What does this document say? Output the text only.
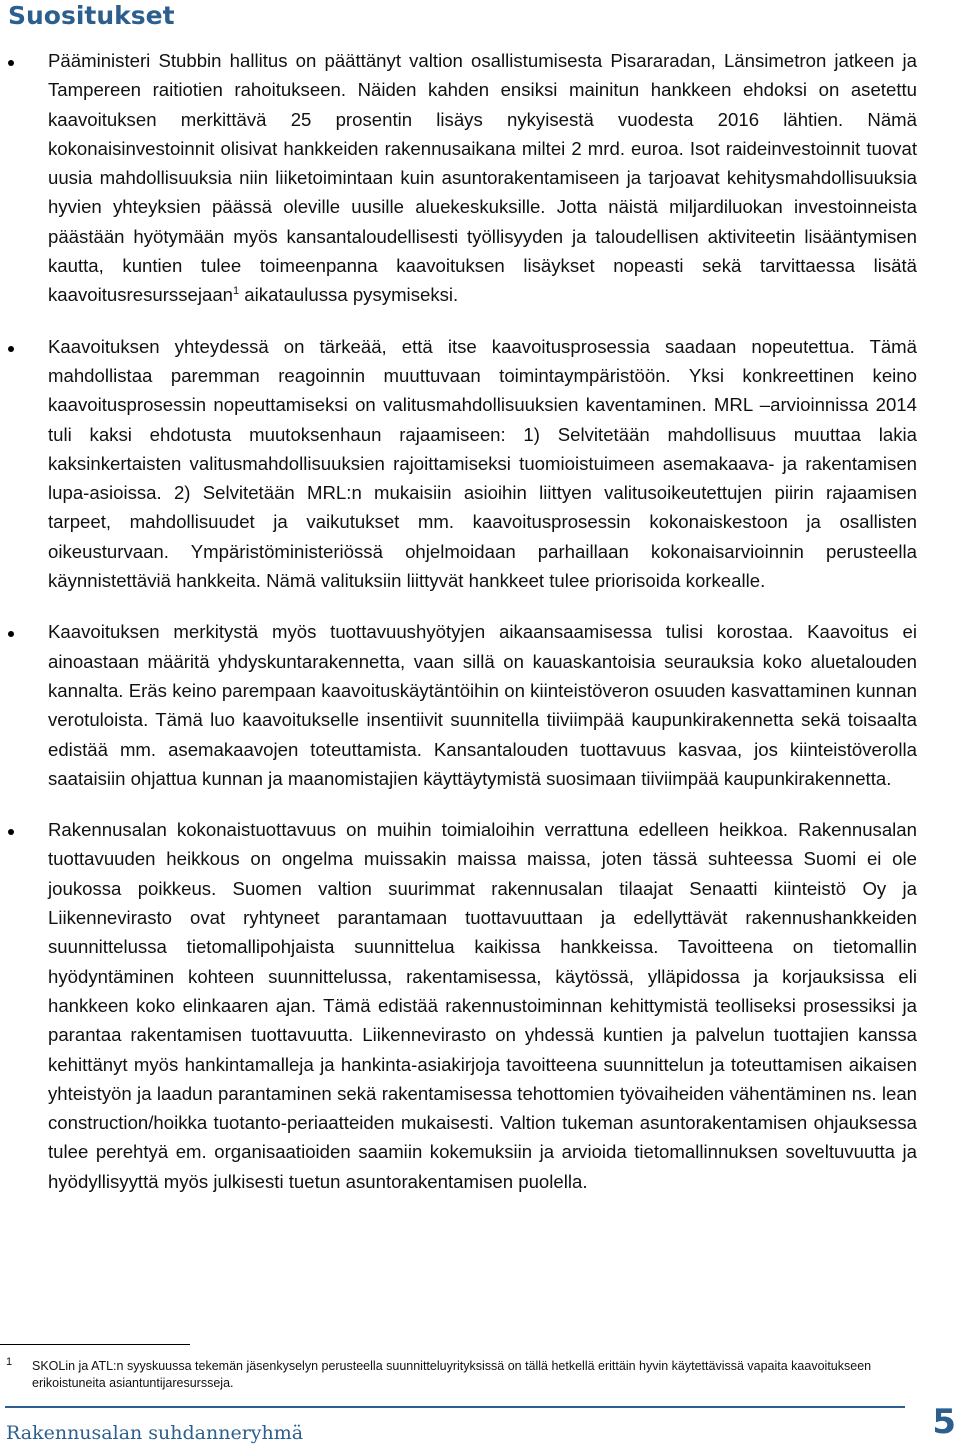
Suositukset

Pääministeri Stubbin hallitus on päättänyt valtion osallistumisesta Pisararadan, Länsimetron jatkeen ja Tampereen raitiotien rahoitukseen. Näiden kahden ensiksi mainitun hankkeen ehdoksi on asetettu kaavoituksen merkittävä 25 prosentin lisäys nykyisestä vuodesta 2016 lähtien. Nämä kokonaisinvestoinnit olisivat hankkeiden rakennusaikana miltei 2 mrd. euroa. Isot raideinvestoinnit tuovat uusia mahdollisuuksia niin liiketoimintaan kuin asuntorakentamiseen ja tarjoavat kehitysmahdollisuuksia hyvien yhteyksien päässä oleville uusille aluekeskuksille. Jotta näistä miljardiluokan investoinneista päästään hyötymään myös kansantaloudellisesti työllisyyden ja taloudellisen aktiviteetin lisääntymisen kautta, kuntien tulee toimeenpanna kaavoituksen lisäykset nopeasti sekä tarvittaessa lisätä kaavoitusresurssejaan$^1$ aikataulussa pysymiseksi.

Kaavoituksen yhteydessä on tärkeää, että itse kaavoitusprosessia saadaan nopeutettua. Tämä mahdollistaa paremman reagoinnin muuttuvaan toimintaympäristöön. Yksi konkreettinen keino kaavoitusprosessin nopeuttamiseksi on valitusmahdollisuuksien kaventaminen. MRL –arvioinnissa 2014 tuli kaksi ehdotusta muutoksenhaun rajaamiseen: 1) Selvitetään mahdollisuus muuttaa lakia kaksinkertaisten valitusmahdollisuuksien rajoittamiseksi tuomioistuimeen asemakaava- ja rakentamisen lupa-asioissa. 2) Selvitetään MRL:n mukaisiin asioihin liittyen valitusoikeutettujen piirin rajaamisen tarpeet, mahdollisuudet ja vaikutukset mm. kaavoitusprosessin kokonaiskestoon ja osallisten oikeusturvaan. Ympäristöministeriössä ohjelmoidaan parhaillaan kokonaisarvioinnin perusteella käynnistettäviä hankkeita. Nämä valituksiin liittyvät hankkeet tulee priorisoida korkealle.

Kaavoituksen merkitystä myös tuottavuushyötyjen aikaansaamisessa tulisi korostaa. Kaavoitus ei ainoastaan määritä yhdyskuntarakennetta, vaan sillä on kauaskantoisia seurauksia koko aluetalouden kannalta. Eräs keino parempaan kaavoituskäytäntöihin on kiinteistöveron osuuden kasvattaminen kunnan verotuloista. Tämä luo kaavoitukselle insentiivit suunnitella tiiviimpää kaupunkirakennetta sekä toisaalta edistää mm. asemakaavojen toteuttamista. Kansantalouden tuottavuus kasvaa, jos kiinteistöverolla saataisiin ohjattua kunnan ja maanomistajien käyttäytymistä suosimaan tiiviimpää kaupunkirakennetta.

Rakennusalan kokonaistuottavuus on muihin toimialoihin verrattuna edelleen heikkoa. Rakennusalan tuottavuuden heikkous on ongelma muissakin maissa maissa, joten tässä suhteessa Suomi ei ole joukossa poikkeus. Suomen valtion suurimmat rakennusalan tilaajat Senaatti kiinteistö Oy ja Liikennevirasto ovat ryhtyneet parantamaan tuottavuuttaan ja edellyttävät rakennushankkeiden suunnittelussa tietomallipohjaista suunnittelua kaikissa hankkeissa. Tavoitteena on tietomallin hyödyntäminen kohteen suunnittelussa, rakentamisessa, käytössä, ylläpidossa ja korjauksissa eli hankkeen koko elinkaaren ajan. Tämä edistää rakennustoiminnan kehittymistä teolliseksi prosessiksi ja parantaa rakentamisen tuottavuutta. Liikennevirasto on yhdessä kuntien ja palvelun tuottajien kanssa kehittänyt myös hankintamalleja ja hankinta-asiakirjoja tavoitteena suunnittelun ja toteuttamisen aikaisen yhteistyön ja laadun parantaminen sekä rakentamisessa tehottomien työvaiheiden vähentäminen ns. lean construction/hoikka tuotanto-periaatteiden mukaisesti. Valtion tukeman asuntorakentamisen ohjauksessa tulee perehtyä em. organisaatioiden saamiin kokemuksiin ja arvioida tietomallinnuksen soveltuvuutta ja hyödyllisyyttä myös julkisesti tuetun asuntorakentamisen puolella.

1	SKOLin ja ATL:n syyskuussa tekemän jäsenkyselyn perusteella suunnitteluyrityksissä on tällä hetkellä erittäin hyvin käytettävissä vapaita kaavoitukseen erikoistuneita asiantuntijaresursseja.
Rakennusalan suhdanneryhmä	5
